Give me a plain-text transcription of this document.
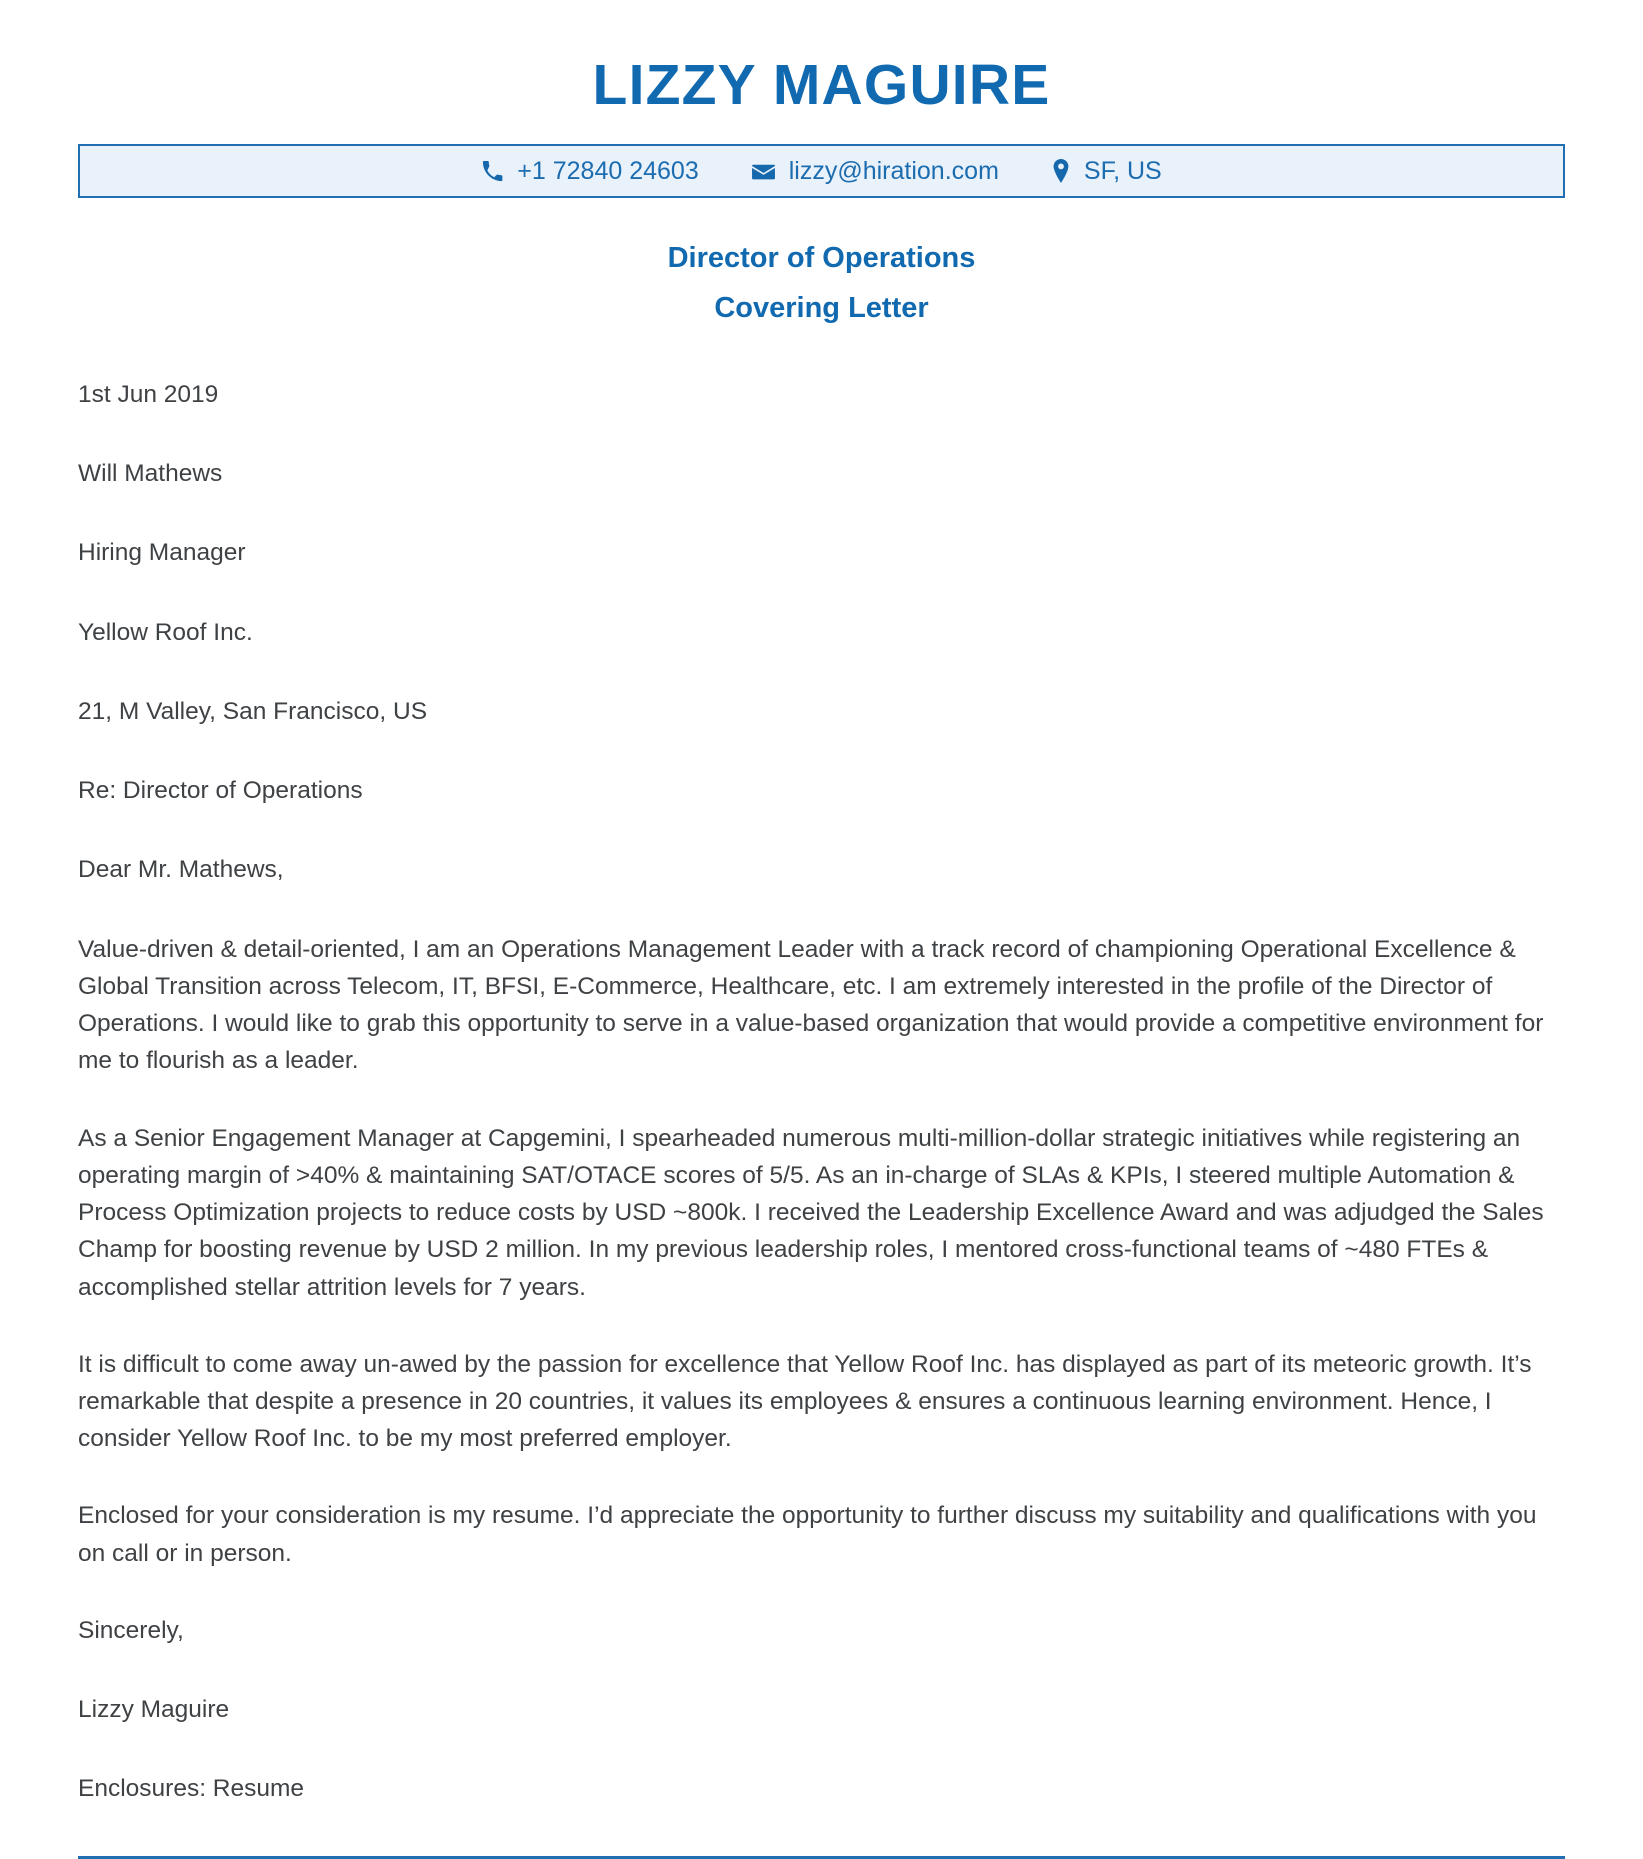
LIZZY MAGUIRE
+1 72840 24603	lizzy@hiration.com	SF, US
Director of Operations
Covering Letter
1st Jun 2019
Will Mathews
Hiring Manager
Yellow Roof Inc.
21, M Valley, San Francisco, US
Re: Director of Operations
Dear Mr. Mathews,

Value-driven & detail-oriented, I am an Operations Management Leader with a track record of championing Operational Excellence & Global Transition across Telecom, IT, BFSI, E-Commerce, Healthcare, etc. I am extremely interested in the profile of the Director of Operations. I would like to grab this opportunity to serve in a value-based organization that would provide a competitive environment for me to flourish as a leader.

As a Senior Engagement Manager at Capgemini, I spearheaded numerous multi-million-dollar strategic initiatives while registering an operating margin of >40% & maintaining SAT/OTACE scores of 5/5. As an in-charge of SLAs & KPIs, I steered multiple Automation & Process Optimization projects to reduce costs by USD ~800k. I received the Leadership Excellence Award and was adjudged the Sales Champ for boosting revenue by USD 2 million. In my previous leadership roles, I mentored cross-functional teams of ~480 FTEs & accomplished stellar attrition levels for 7 years.

It is difficult to come away un-awed by the passion for excellence that Yellow Roof Inc. has displayed as part of its meteoric growth. It’s remarkable that despite a presence in 20 countries, it values its employees & ensures a continuous learning environment. Hence, I consider Yellow Roof Inc. to be my most preferred employer.

Enclosed for your consideration is my resume. I’d appreciate the opportunity to further discuss my suitability and qualifications with you on call or in person.

Sincerely,
Lizzy Maguire
Enclosures: Resume
